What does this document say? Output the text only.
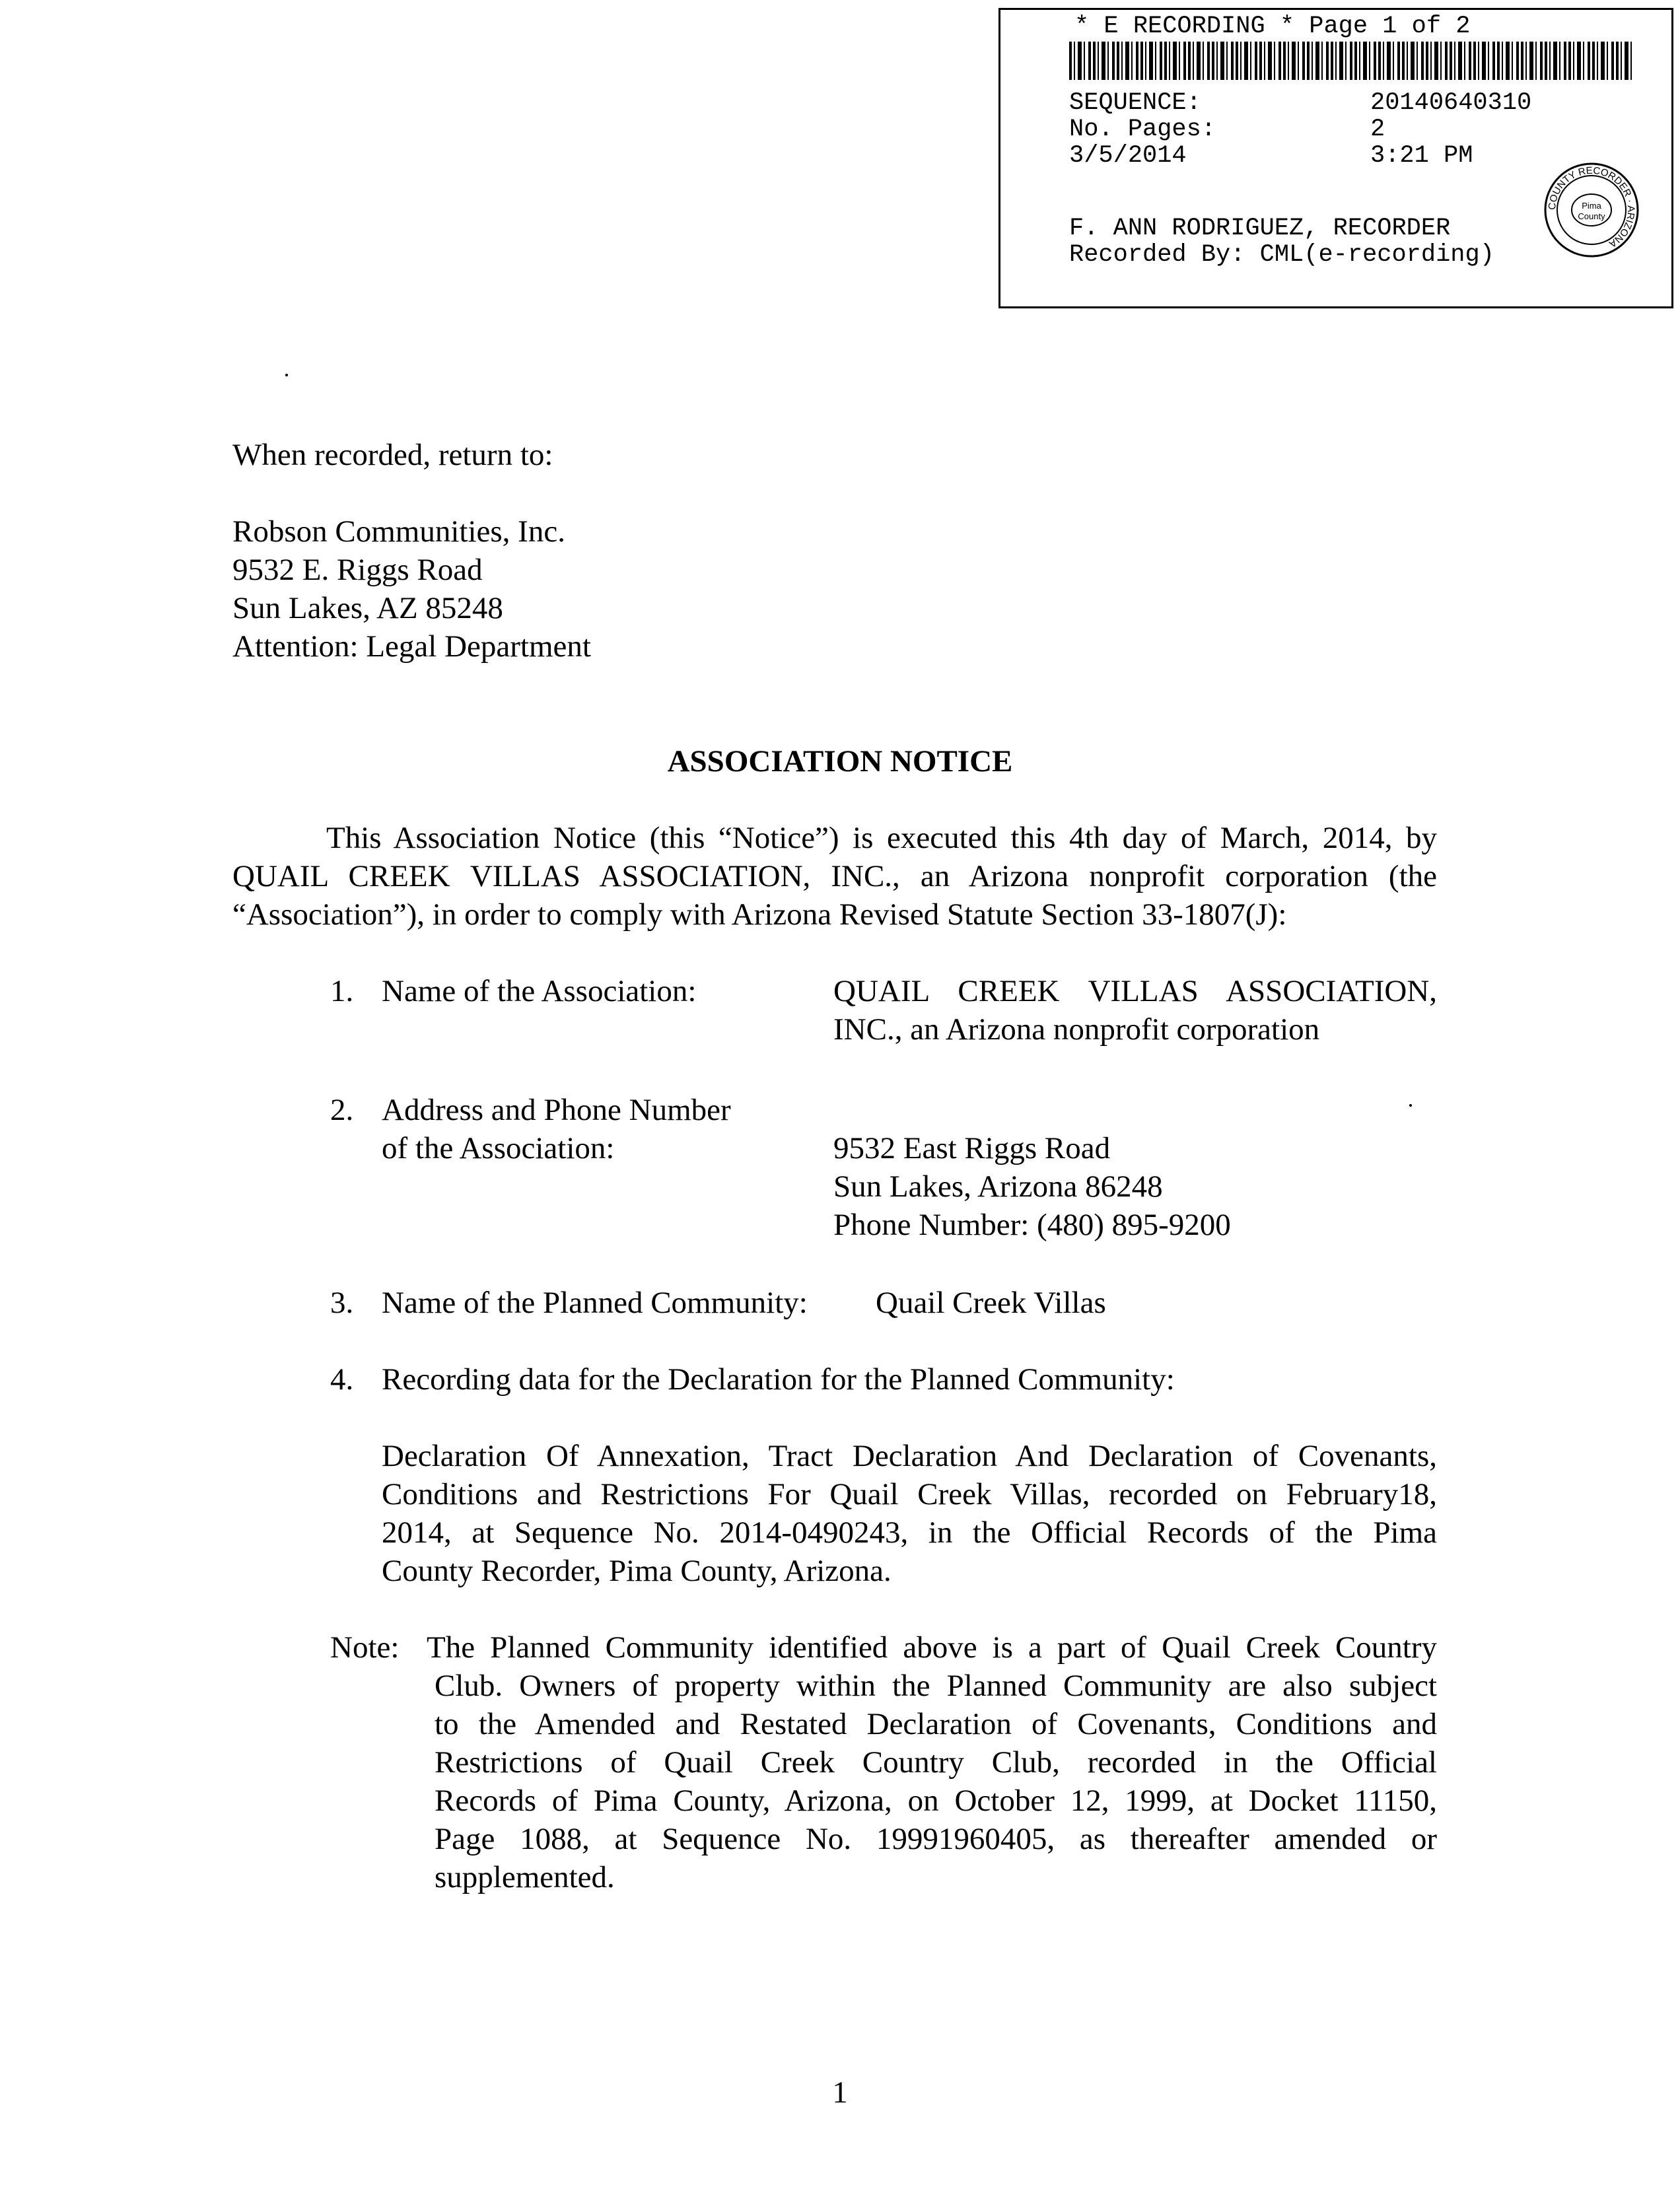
* E RECORDING * Page 1 of 2
SEQUENCE:	20140640310
No. Pages:	2
3/5/2014	3:21 PM
F. ANN RODRIGUEZ, RECORDER
Recorded By: CML(e-recording)
COUNTY RECORDER · ARIZONA
Pima
County
When recorded, return to:
Robson Communities, Inc.
9532 E. Riggs Road
Sun Lakes, AZ 85248
Attention: Legal Department
ASSOCIATION NOTICE
This Association Notice (this “Notice”) is executed this 4th day of March, 2014, by
QUAIL CREEK VILLAS ASSOCIATION, INC., an Arizona nonprofit corporation (the
“Association”), in order to comply with Arizona Revised Statute Section 33-1807(J):
1. Name of the Association:	QUAIL CREEK VILLAS ASSOCIATION,
INC., an Arizona nonprofit corporation
2. Address and Phone Number
of the Association:	9532 East Riggs Road
Sun Lakes, Arizona 86248
Phone Number: (480) 895-9200
3. Name of the Planned Community: Quail Creek Villas
4. Recording data for the Declaration for the Planned Community:
Declaration Of Annexation, Tract Declaration And Declaration of Covenants,
Conditions and Restrictions For Quail Creek Villas, recorded on February18,
2014, at Sequence No. 2014-0490243, in the Official Records of the Pima
County Recorder, Pima County, Arizona.
Note: The Planned Community identified above is a part of Quail Creek Country
Club. Owners of property within the Planned Community are also subject
to the Amended and Restated Declaration of Covenants, Conditions and
Restrictions of Quail Creek Country Club, recorded in the Official
Records of Pima County, Arizona, on October 12, 1999, at Docket 11150,
Page 1088, at Sequence No. 19991960405, as thereafter amended or
supplemented.
1
